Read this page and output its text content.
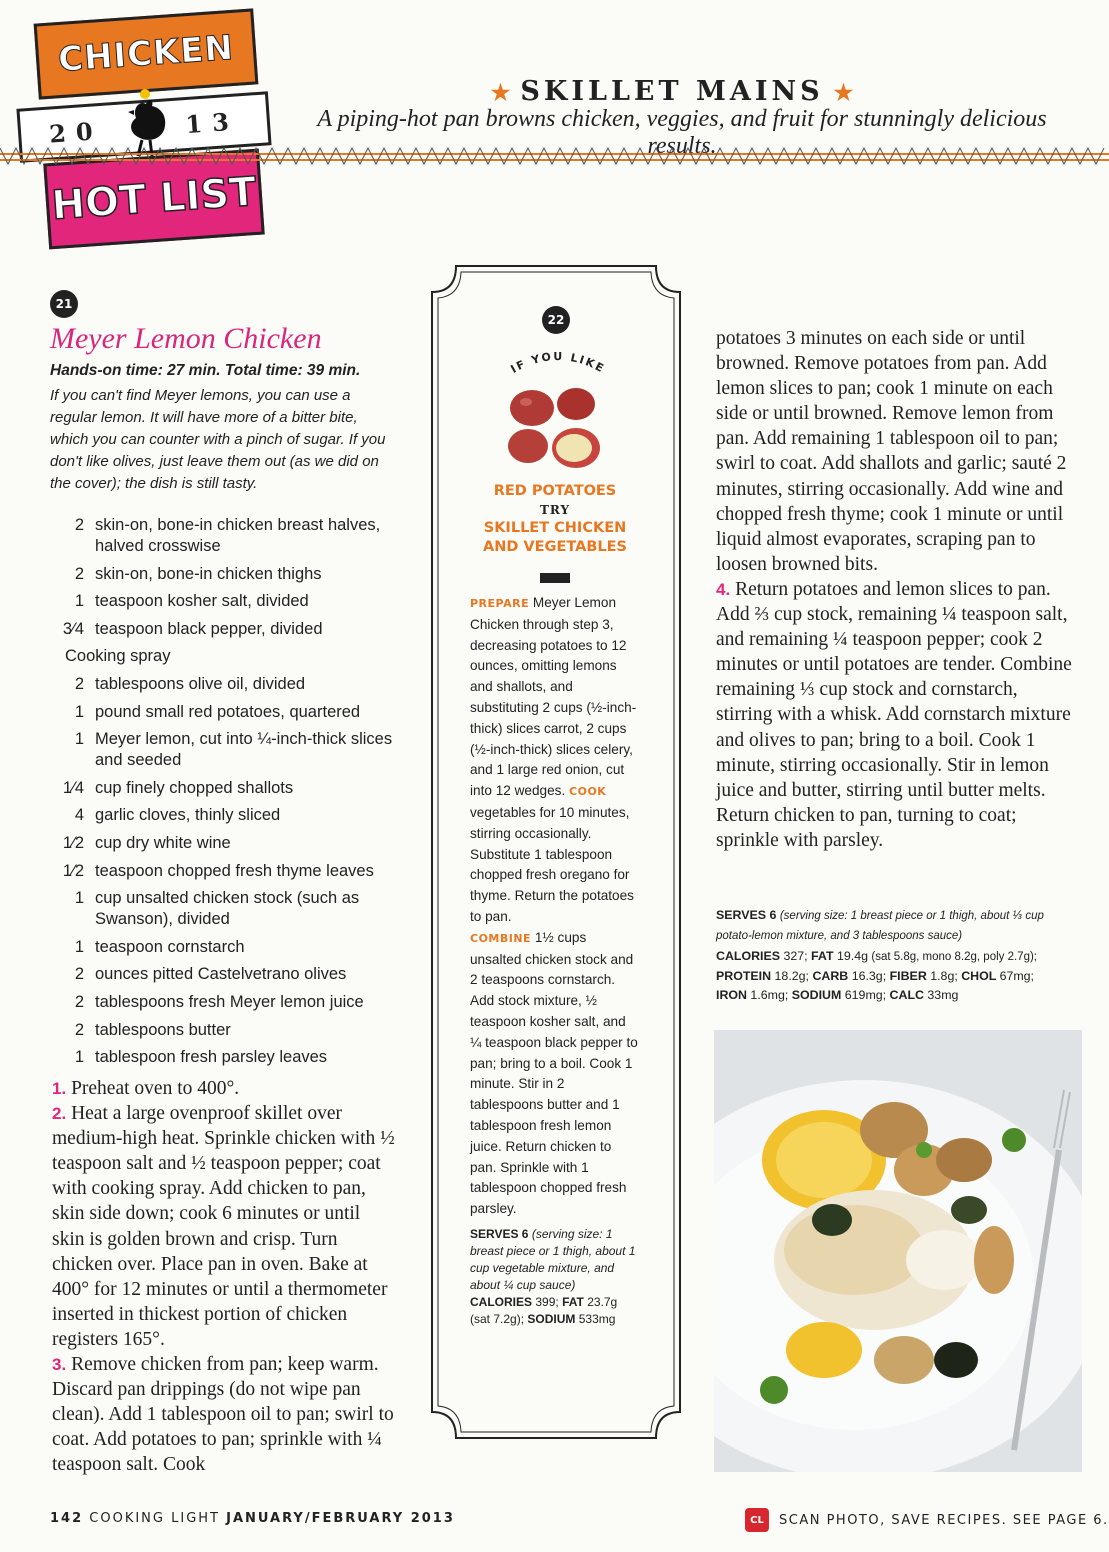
CHICKEN
20	13
HOT LIST
★ SKILLET MAINS ★
A piping-hot pan browns chicken, veggies, and fruit for stunningly delicious results.
21
Meyer Lemon Chicken
Hands-on time: 27 min. Total time: 39 min.
If you can't find Meyer lemons, you can use a regular lemon. It will have more of a bitter bite, which you can counter with a pinch of sugar. If you don't like olives, just leave them out (as we did on the cover); the dish is still tasty.
2 skin-on, bone-in chicken breast halves, halved crosswise
2 skin-on, bone-in chicken thighs
1 teaspoon kosher salt, divided
3⁄4 teaspoon black pepper, divided
Cooking spray
2 tablespoons olive oil, divided
1 pound small red potatoes, quartered
1 Meyer lemon, cut into ¼-inch-thick slices and seeded
1⁄4 cup finely chopped shallots
4 garlic cloves, thinly sliced
1⁄2 cup dry white wine
1⁄2 teaspoon chopped fresh thyme leaves
1 cup unsalted chicken stock (such as Swanson), divided
1 teaspoon cornstarch
2 ounces pitted Castelvetrano olives
2 tablespoons fresh Meyer lemon juice
2 tablespoons butter
1 tablespoon fresh parsley leaves
1. Preheat oven to 400°.
2. Heat a large ovenproof skillet over medium-high heat. Sprinkle chicken with ½ teaspoon salt and ½ teaspoon pepper; coat with cooking spray. Add chicken to pan, skin side down; cook 6 minutes or until skin is golden brown and crisp. Turn chicken over. Place pan in oven. Bake at 400° for 12 minutes or until a thermometer inserted in thickest portion of chicken registers 165°.
3. Remove chicken from pan; keep warm. Discard pan drippings (do not wipe pan clean). Add 1 tablespoon oil to pan; swirl to coat. Add potatoes to pan; sprinkle with ¼ teaspoon salt. Cook
22
IF YOU LIKE
RED POTATOES
TRY
SKILLET CHICKEN AND VEGETABLES
PREPARE Meyer Lemon Chicken through step 3, decreasing potatoes to 12 ounces, omitting lemons and shallots, and substituting 2 cups (½-inch-thick) slices carrot, 2 cups (½-inch-thick) slices celery, and 1 large red onion, cut into 12 wedges. COOK vegetables for 10 minutes, stirring occasionally. Substitute 1 tablespoon chopped fresh oregano for thyme. Return the potatoes to pan.
COMBINE 1½ cups unsalted chicken stock and 2 teaspoons cornstarch. Add stock mixture, ½ teaspoon kosher salt, and ¼ teaspoon black pepper to pan; bring to a boil. Cook 1 minute. Stir in 2 tablespoons butter and 1 tablespoon fresh lemon juice. Return chicken to pan. Sprinkle with 1 tablespoon chopped fresh parsley.
SERVES 6 (serving size: 1 breast piece or 1 thigh, about 1 cup vegetable mixture, and about ¼ cup sauce)
CALORIES 399; FAT 23.7g (sat 7.2g); SODIUM 533mg
potatoes 3 minutes on each side or until browned. Remove potatoes from pan. Add lemon slices to pan; cook 1 minute on each side or until browned. Remove lemon from pan. Add remaining 1 tablespoon oil to pan; swirl to coat. Add shallots and garlic; sauté 2 minutes, stirring occasionally. Add wine and chopped fresh thyme; cook 1 minute or until liquid almost evaporates, scraping pan to loosen browned bits.
4. Return potatoes and lemon slices to pan. Add ⅔ cup stock, remaining ¼ teaspoon salt, and remaining ¼ teaspoon pepper; cook 2 minutes or until potatoes are tender. Combine remaining ⅓ cup stock and cornstarch, stirring with a whisk. Add cornstarch mixture and olives to pan; bring to a boil. Cook 1 minute, stirring occasionally. Stir in lemon juice and butter, stirring until butter melts. Return chicken to pan, turning to coat; sprinkle with parsley.
SERVES 6 (serving size: 1 breast piece or 1 thigh, about ⅓ cup potato-lemon mixture, and 3 tablespoons sauce)
CALORIES 327; FAT 19.4g (sat 5.8g, mono 8.2g, poly 2.7g);
PROTEIN 18.2g; CARB 16.3g; FIBER 1.8g; CHOL 67mg;
IRON 1.6mg; SODIUM 619mg; CALC 33mg
142 COOKING LIGHT JANUARY/FEBRUARY 2013	CL	SCAN PHOTO, SAVE RECIPES. SEE PAGE 6.
